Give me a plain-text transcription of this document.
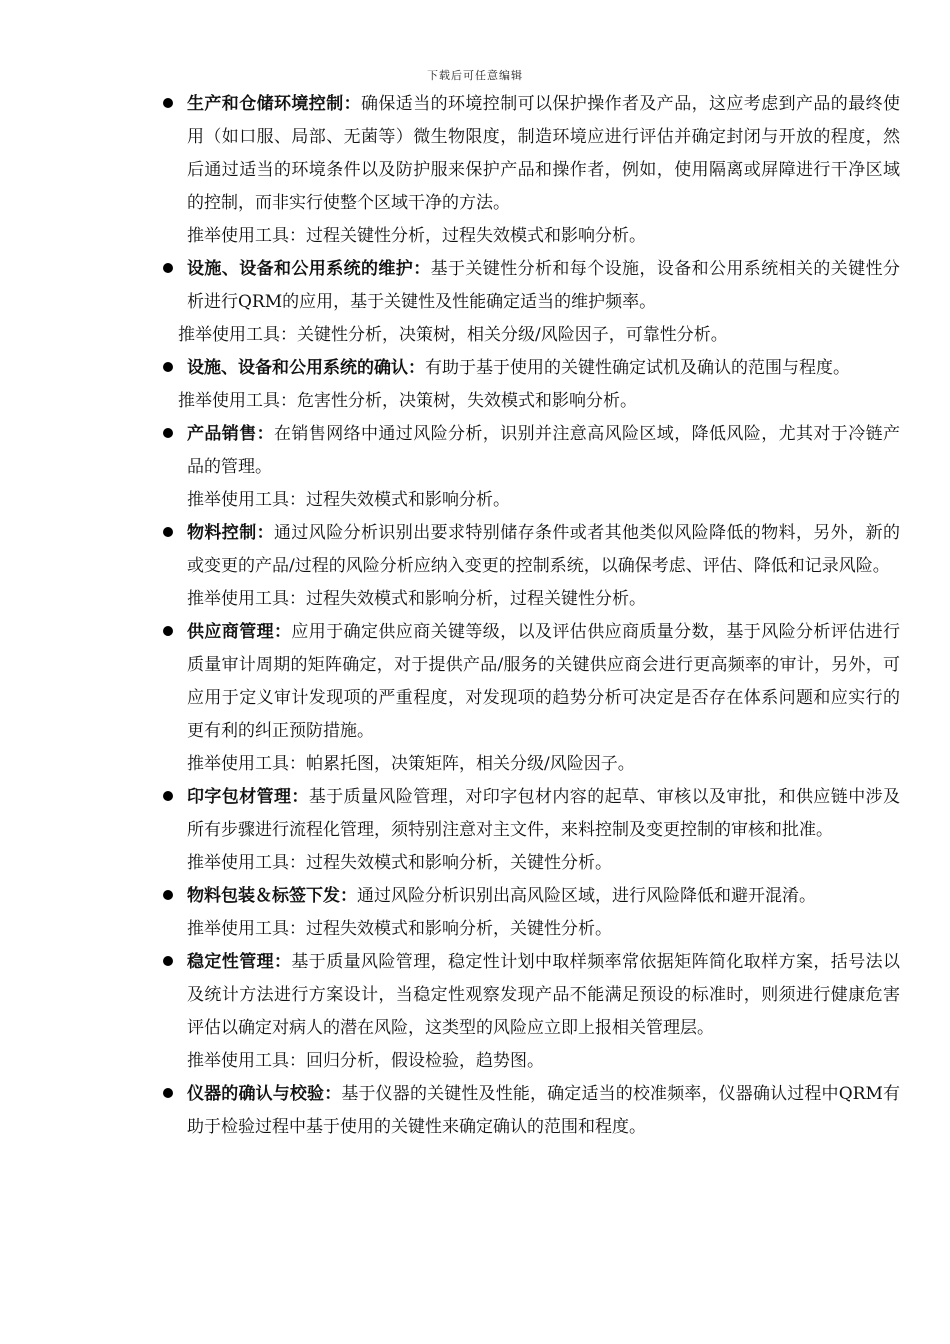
下载后可任意编辑

生产和仓储环境控制：确保适当的环境控制可以保护操作者及产品，这应考虑到产品的最终使用（如口服、局部、无菌等）微生物限度，制造环境应进行评估并确定封闭与开放的程度，然后通过适当的环境条件以及防护服来保护产品和操作者，例如，使用隔离或屏障进行干净区域的控制，而非实行使整个区域干净的方法。

推举使用工具：过程关键性分析，过程失效模式和影响分析。

设施、设备和公用系统的维护：基于关键性分析和每个设施，设备和公用系统相关的关键性分析进行QRM的应用，基于关键性及性能确定适当的维护频率。

推举使用工具：关键性分析，决策树，相关分级/风险因子，可靠性分析。

设施、设备和公用系统的确认：有助于基于使用的关键性确定试机及确认的范围与程度。

推举使用工具：危害性分析，决策树，失效模式和影响分析。

产品销售：在销售网络中通过风险分析，识别并注意高风险区域，降低风险，尤其对于冷链产品的管理。

推举使用工具：过程失效模式和影响分析。

物料控制：通过风险分析识别出要求特别储存条件或者其他类似风险降低的物料，另外，新的或变更的产品/过程的风险分析应纳入变更的控制系统，以确保考虑、评估、降低和记录风险。

推举使用工具：过程失效模式和影响分析，过程关键性分析。

供应商管理：应用于确定供应商关键等级，以及评估供应商质量分数，基于风险分析评估进行质量审计周期的矩阵确定，对于提供产品/服务的关键供应商会进行更高频率的审计，另外，可应用于定义审计发现项的严重程度，对发现项的趋势分析可决定是否存在体系问题和应实行的更有利的纠正预防措施。

推举使用工具：帕累托图，决策矩阵，相关分级/风险因子。

印字包材管理：基于质量风险管理，对印字包材内容的起草、审核以及审批，和供应链中涉及所有步骤进行流程化管理，须特别注意对主文件，来料控制及变更控制的审核和批准。

推举使用工具：过程失效模式和影响分析，关键性分析。

物料包装＆标签下发：通过风险分析识别出高风险区域，进行风险降低和避开混淆。

推举使用工具：过程失效模式和影响分析，关键性分析。

稳定性管理：基于质量风险管理，稳定性计划中取样频率常依据矩阵简化取样方案，括号法以及统计方法进行方案设计，当稳定性观察发现产品不能满足预设的标准时，则须进行健康危害评估以确定对病人的潜在风险，这类型的风险应立即上报相关管理层。

推举使用工具：回归分析，假设检验，趋势图。

仪器的确认与校验：基于仪器的关键性及性能，确定适当的校准频率，仪器确认过程中QRM有助于检验过程中基于使用的关键性来确定确认的范围和程度。
